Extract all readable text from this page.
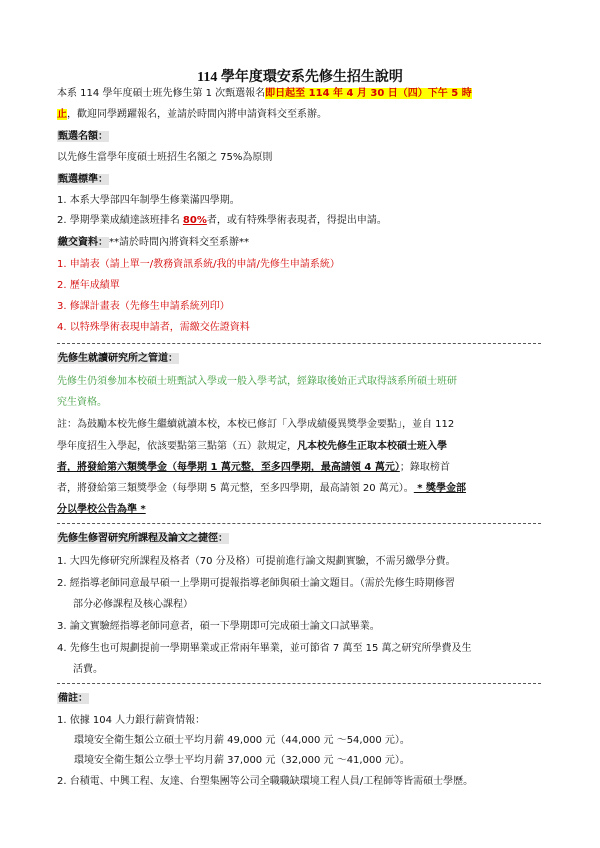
114 學年度環安系先修生招生說明
本系 114 學年度碩士班先修生第 1 次甄選報名即日起至 114 年 4 月 30 日（四）下午 5 時
止，歡迎同學踴躍報名，並請於時間內將申請資料交至系辦。
甄選名額：
以先修生當學年度碩士班招生名額之 75%為原則
甄選標準：
1. 本系大學部四年制學生修業滿四學期。
2. 學期學業成績達該班排名 80%者，或有特殊學術表現者，得提出申請。
繳交資料：**請於時間內將資料交至系辦**
1. 申請表（請上單一/教務資訊系統/我的申請/先修生申請系統）
2. 歷年成績單
3. 修課計畫表（先修生申請系統列印）
4. 以特殊學術表現申請者，需繳交佐證資料
先修生就讀研究所之管道：
先修生仍須參加本校碩士班甄試入學或一般入學考試，經錄取後始正式取得該系所碩士班研
究生資格。
註：為鼓勵本校先修生繼續就讀本校，本校已修訂「入學成績優異獎學金要點」，並自 112
學年度招生入學起，依該要點第三點第（五）款規定，凡本校先修生正取本校碩士班入學
者，將發給第六類獎學金（每學期 1 萬元整，至多四學期，最高請領 4 萬元）；錄取榜首
者，將發給第三類獎學金（每學期 5 萬元整，至多四學期，最高請領 20 萬元）。 * 獎學金部
分以學校公告為準 *
先修生修習研究所課程及論文之捷徑：
1. 大四先修研究所課程及格者（70 分及格）可提前進行論文規劃實驗，不需另繳學分費。
2. 經指導老師同意最早碩一上學期可提報指導老師與碩士論文題目。（需於先修生時期修習
部分必修課程及核心課程）
3. 論文實驗經指導老師同意者，碩一下學期即可完成碩士論文口試畢業。
4. 先修生也可規劃提前一學期畢業或正常兩年畢業，並可節省 7 萬至 15 萬之研究所學費及生
活費。
備註：
1. 依據 104 人力銀行薪資情報：
環境安全衛生類公立碩士平均月薪 49,000 元（44,000 元 ～54,000 元）。
環境安全衛生類公立學士平均月薪 37,000 元（32,000 元 ～41,000 元）。
2. 台積電、中興工程、友達、台塑集團等公司全職職缺環境工程人員/工程師等皆需碩士學歷。
